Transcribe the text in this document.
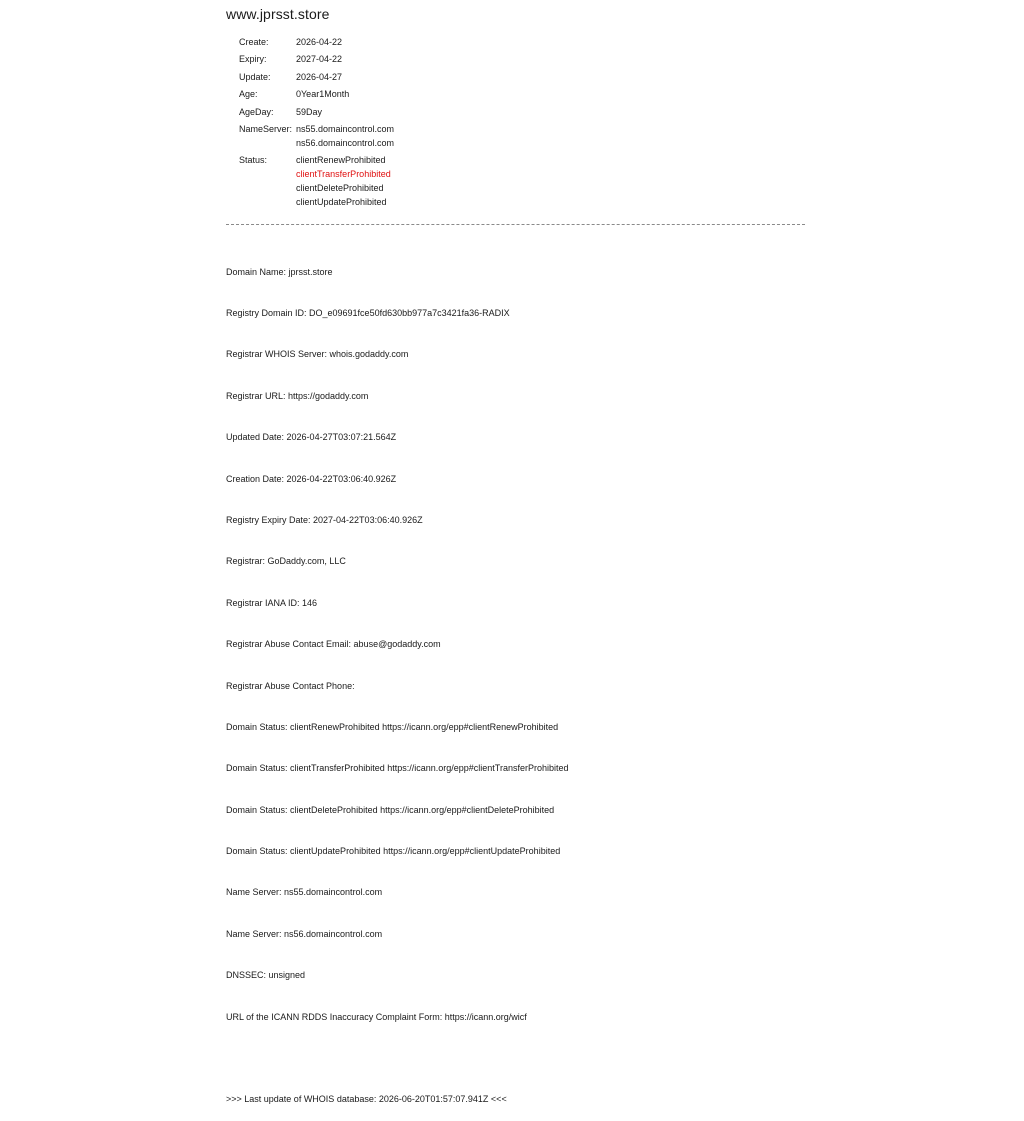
www.jprsst.store
Create:	2026-04-22
Expiry:	2027-04-22
Update:	2026-04-27
Age:	0Year1Month
AgeDay:	59Day
NameServer: ns55.domaincontrol.com
ns56.domaincontrol.com
Status:	clientRenewProhibited
clientTransferProhibited
clientDeleteProhibited
clientUpdateProhibited

Domain Name: jprsst.store

Registry Domain ID: DO_e09691fce50fd630bb977a7c3421fa36-RADIX

Registrar WHOIS Server: whois.godaddy.com

Registrar URL: https://godaddy.com

Updated Date: 2026-04-27T03:07:21.564Z

Creation Date: 2026-04-22T03:06:40.926Z

Registry Expiry Date: 2027-04-22T03:06:40.926Z

Registrar: GoDaddy.com, LLC

Registrar IANA ID: 146

Registrar Abuse Contact Email: abuse@godaddy.com

Registrar Abuse Contact Phone:

Domain Status: clientRenewProhibited https://icann.org/epp#clientRenewProhibited

Domain Status: clientTransferProhibited https://icann.org/epp#clientTransferProhibited

Domain Status: clientDeleteProhibited https://icann.org/epp#clientDeleteProhibited

Domain Status: clientUpdateProhibited https://icann.org/epp#clientUpdateProhibited

Name Server: ns55.domaincontrol.com

Name Server: ns56.domaincontrol.com

DNSSEC: unsigned

URL of the ICANN RDDS Inaccuracy Complaint Form: https://icann.org/wicf

>>> Last update of WHOIS database: 2026-06-20T01:57:07.941Z <<<
